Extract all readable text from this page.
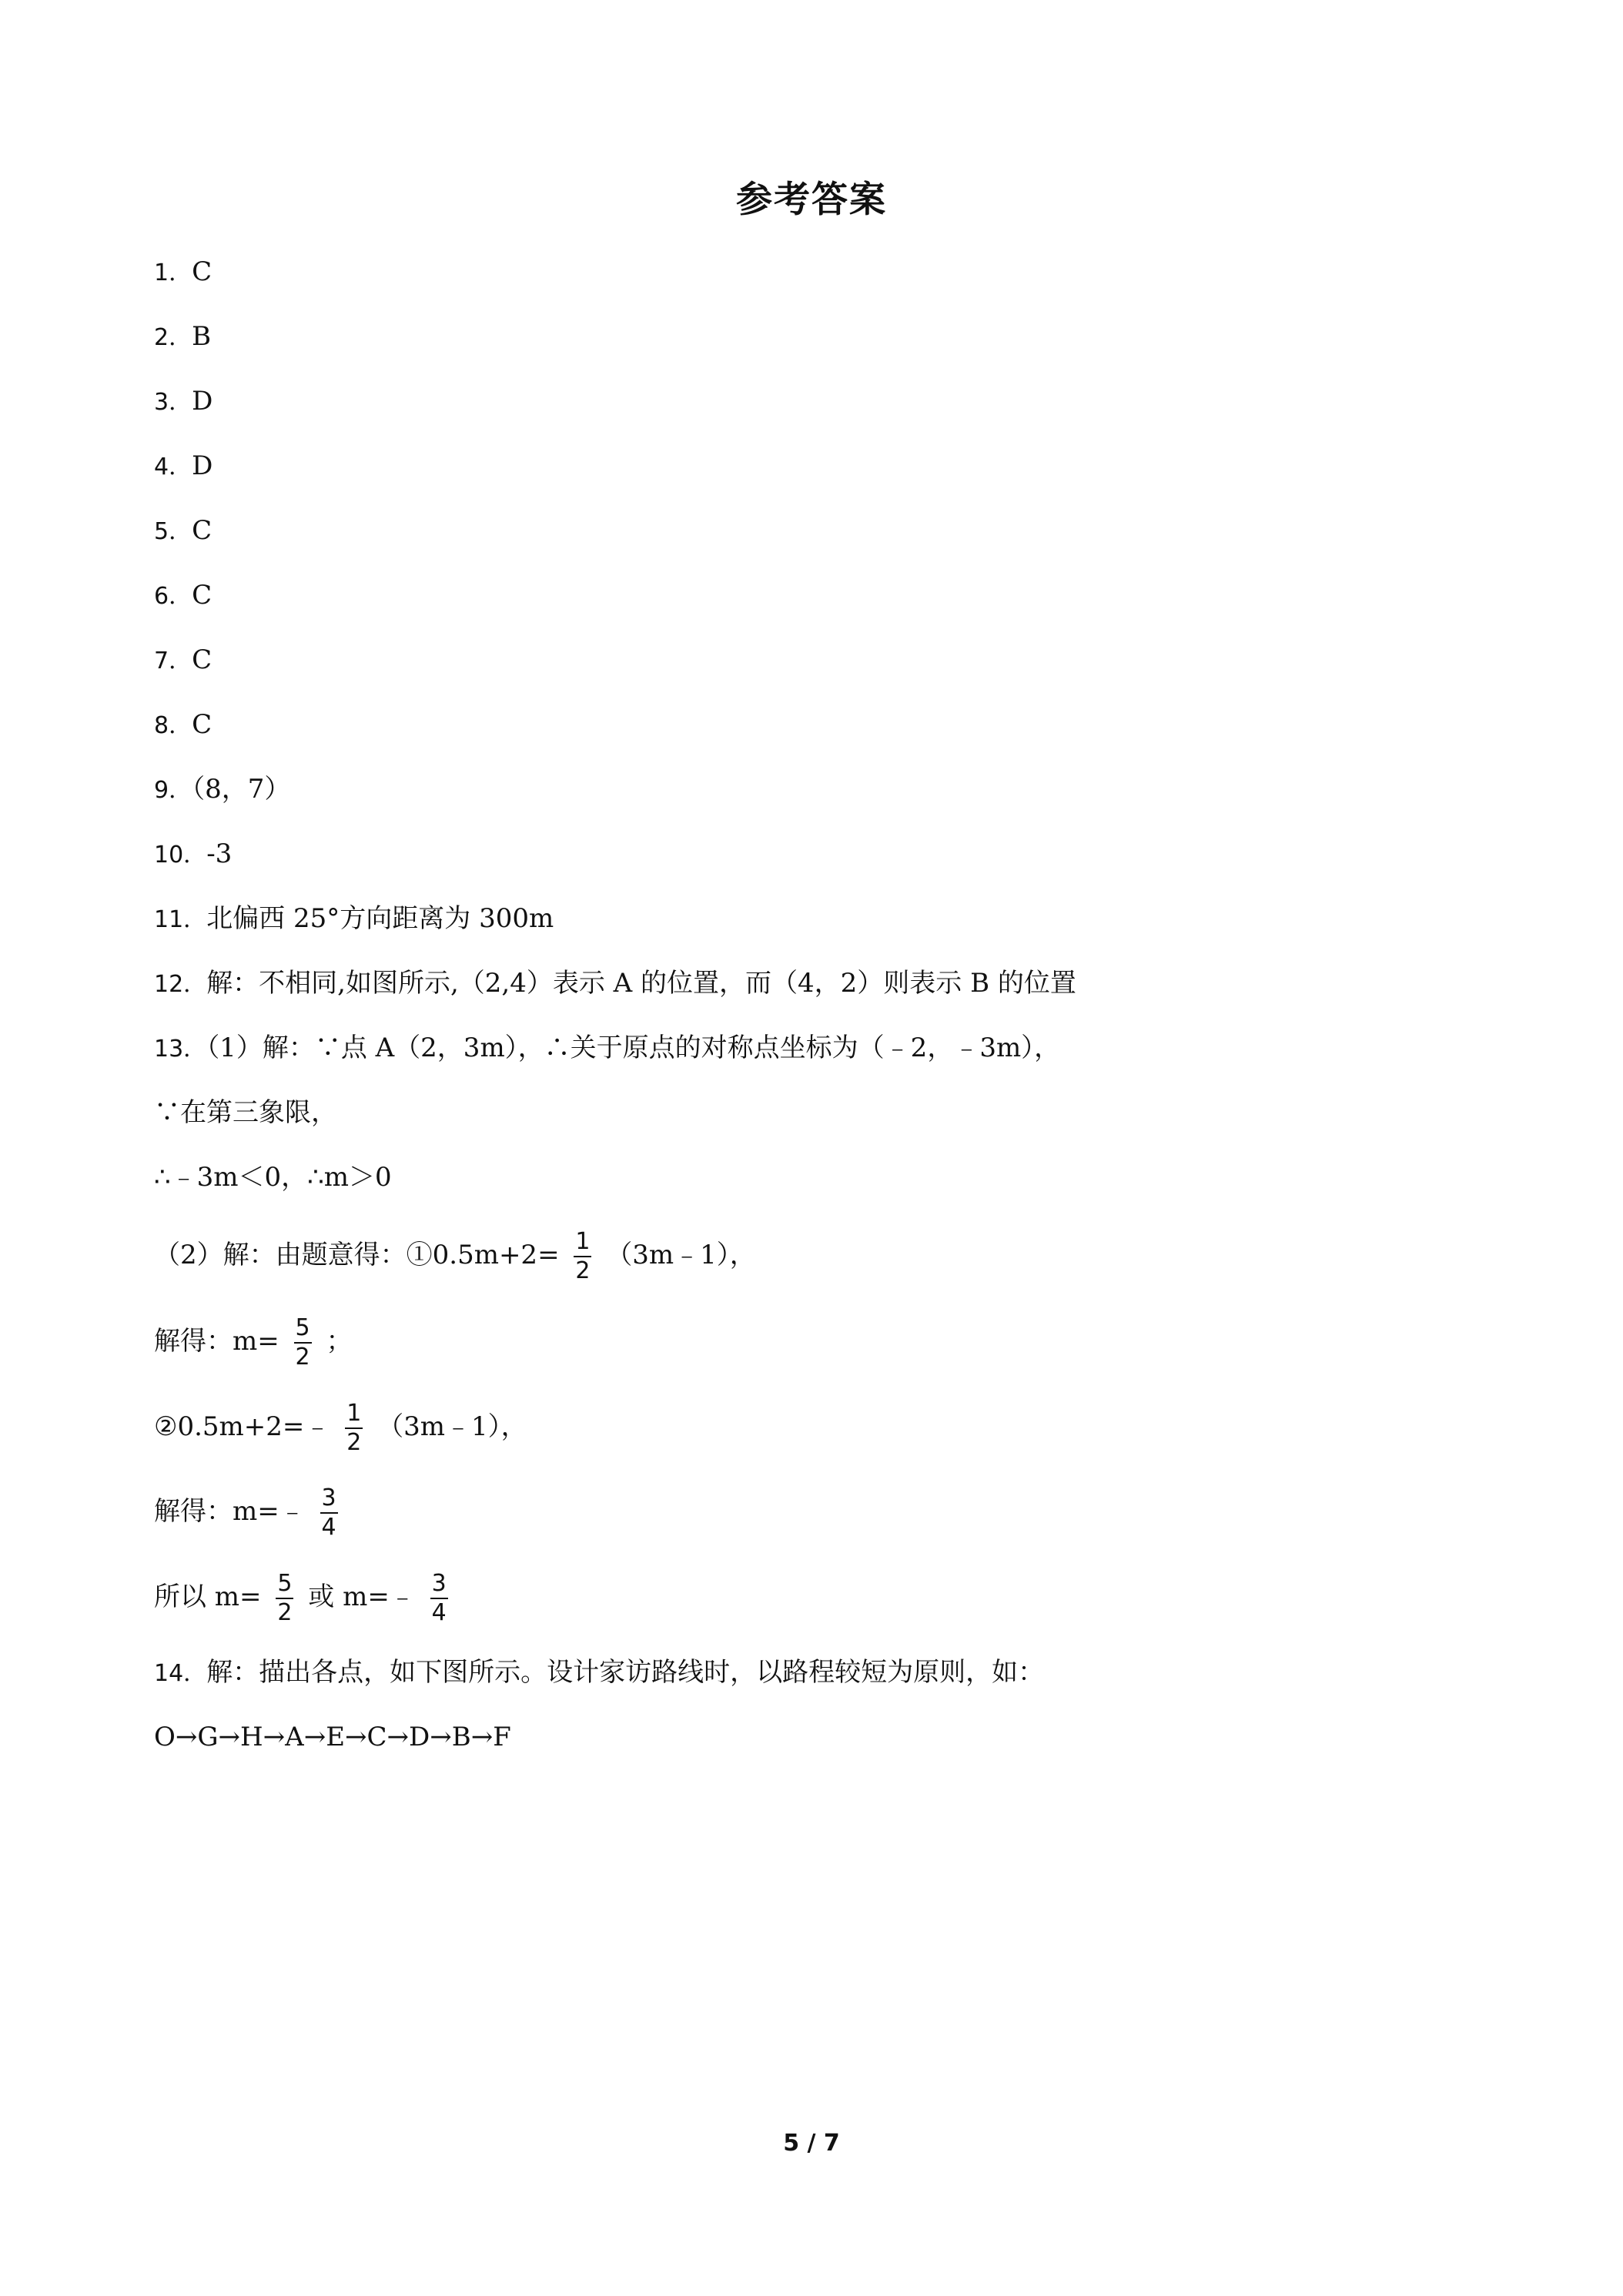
参考答案
1．C
2．B
3．D
4．D
5．C
6．C
7．C
8．C
9．（8，7）
10．-3
11．北偏西 25°方向距离为 300m
12．解：不相同,如图所示,（2,4）表示 A 的位置，而（4，2）则表示 B 的位置
13．（1）解：∵点 A（2，3m），∴关于原点的对称点坐标为（﹣2，﹣3m），
∵在第三象限，
∴﹣3m＜0，∴m＞0
（2）解：由题意得：①0.5m+2= $\frac{1}{2}$ （3m﹣1），
解得：$m= \frac{5}{2}$ ；
②0.5m+2=﹣ $\frac{1}{2}$ （3m﹣1），
解得：m=﹣ $\frac{3}{4}$
所以 $m= \frac{5}{2}$ 或 m=﹣ $\frac{3}{4}$
14．解：描出各点，如下图所示。设计家访路线时，以路程较短为原则，如：
O→G→H→A→E→C→D→B→F
5 / 7
